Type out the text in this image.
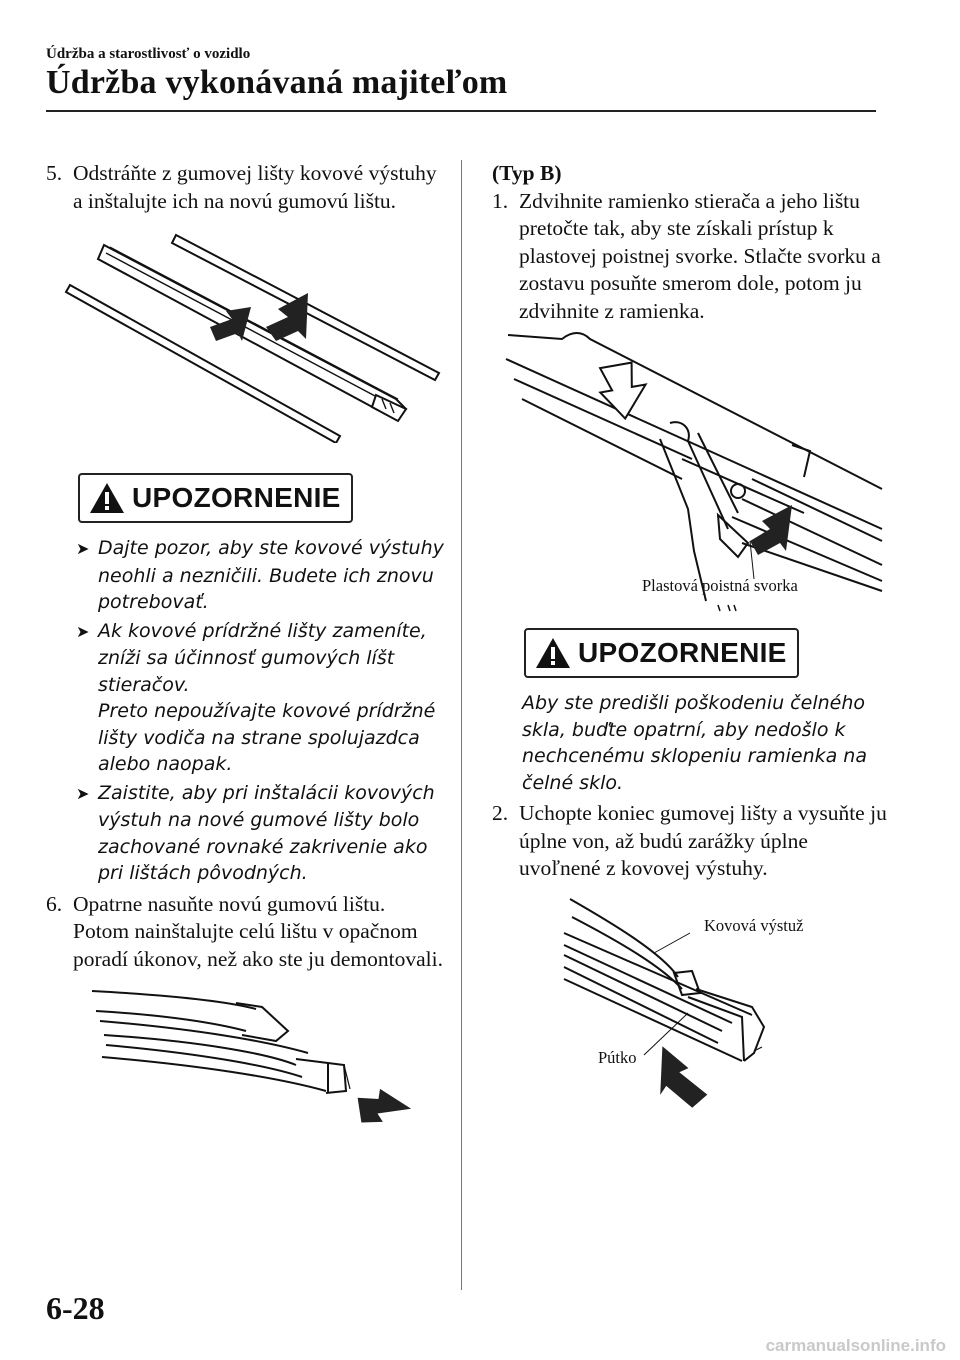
Údržba a starostlivosť o vozidlo
Údržba vykonávaná majiteľom

5. Odstráňte z gumovej lišty kovové výstuhy a inštalujte ich na novú gumovú lištu.

UPOZORNENIE
➤ Dajte pozor, aby ste kovové výstuhy neohli a nezničili. Budete ich znovu potrebovať.
➤ Ak kovové prídržné lišty zameníte, zníži sa účinnosť gumových líšt stieračov.
Preto nepoužívajte kovové prídržné lišty vodiča na strane spolujazdca alebo naopak.
➤ Zaistite, aby pri inštalácii kovových výstuh na nové gumové lišty bolo zachované rovnaké zakrivenie ako pri lištách pôvodných.

6. Opatrne nasuňte novú gumovú lištu. Potom nainštalujte celú lištu v opačnom poradí úkonov, než ako ste ju demontovali.

(Typ B)

1. Zdvihnite ramienko stierača a jeho lištu pretočte tak, aby ste získali prístup k plastovej poistnej svorke. Stlačte svorku a zostavu posuňte smerom dole, potom ju zdvihnite z ramienka.

Plastová poistná svorka
UPOZORNENIE

Aby ste predišli poškodeniu čelného skla, buďte opatrní, aby nedošlo k nechcenému sklopeniu ramienka na čelné sklo.

2. Uchopte koniec gumovej lišty a vysuňte ju úplne von, až budú zarážky úplne uvoľnené z kovovej výstuhy.

Kovová výstuž
Pútko
6-28
carmanualsonline.info
